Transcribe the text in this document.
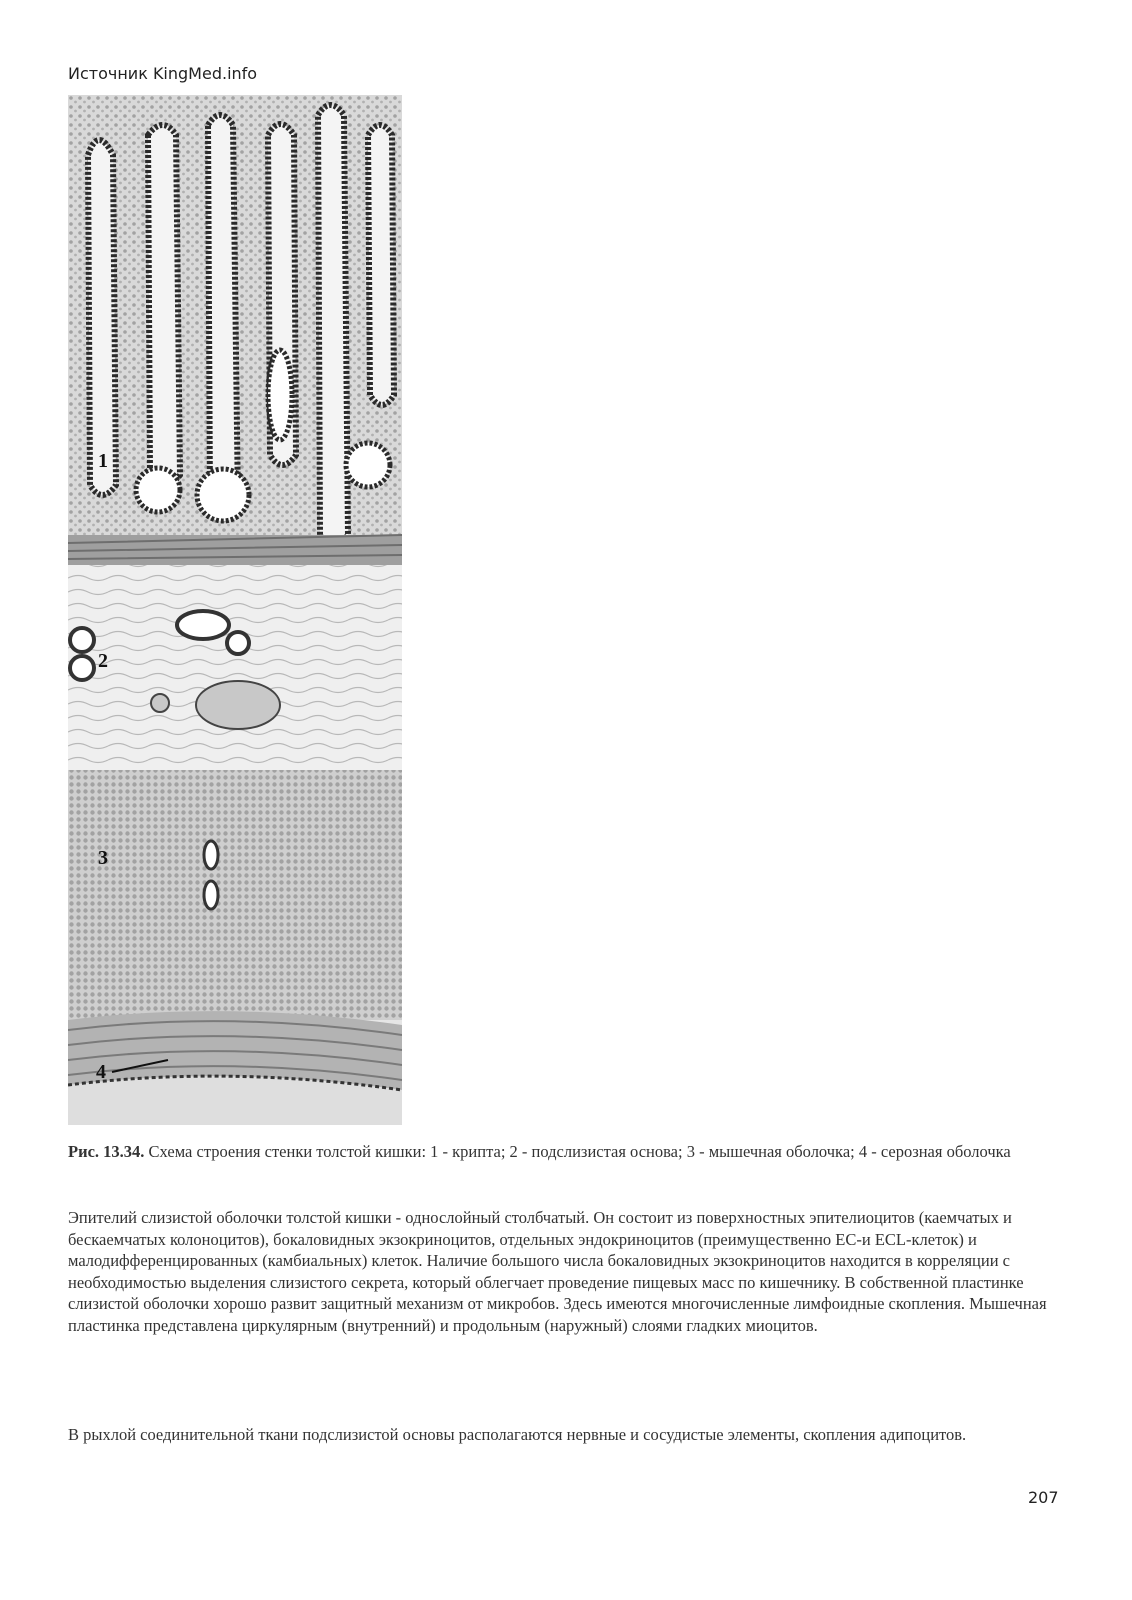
Источник KingMed.info
1
2
3
4
Рис. 13.34. Схема строения стенки толстой кишки: 1 - крипта; 2 - подслизистая основа; 3 - мышечная оболочка; 4 - серозная оболочка

Эпителий слизистой оболочки толстой кишки - однослойный столбчатый. Он состоит из поверхностных эпителиоцитов (каемчатых и бескаемчатых колоноцитов), бокаловидных экзокриноцитов, отдельных эндокриноцитов (преимущественно ЕС-и ECL-клеток) и малодифференцированных (камбиальных) клеток. Наличие большого числа бокаловидных экзокриноцитов находится в корреляции с необходимостью выделения слизистого секрета, который облегчает проведение пищевых масс по кишечнику. В собственной пластинке слизистой оболочки хорошо развит защитный механизм от микробов. Здесь имеются многочисленные лимфоидные скопления. Мышечная пластинка представлена циркулярным (внутренний) и продольным (наружный) слоями гладких миоцитов.

В рыхлой соединительной ткани подслизистой основы располагаются нервные и сосудистые элементы, скопления адипоцитов.

207
